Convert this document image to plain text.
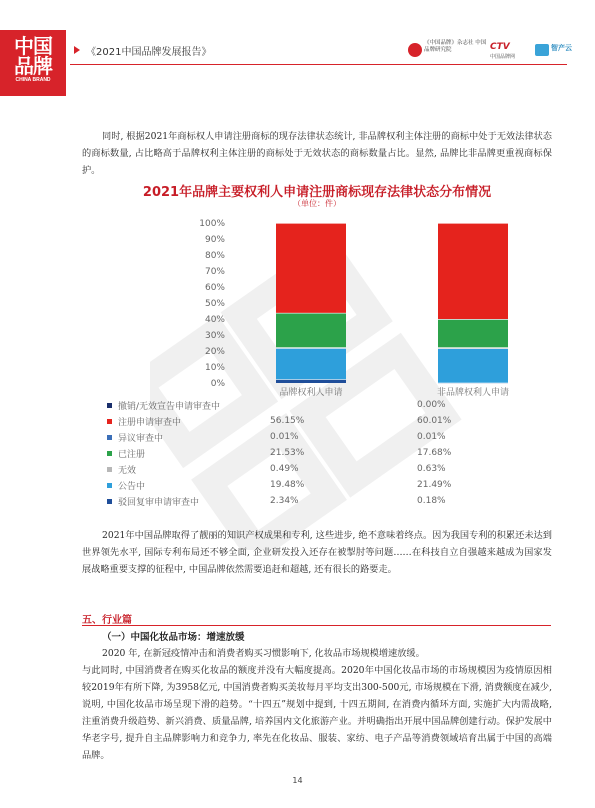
中国
品牌
CHINA BRAND
《2021中国品牌发展报告》
《中国品牌》杂志社 中国品牌研究院	CTV
中国品牌网
智产云
同时, 根据2021年商标权人申请注册商标的现存法律状态统计, 非品牌权利主体注册的商标中处于无效法律状态的商标数量, 占比略高于品牌权利主体注册的商标处于无效状态的商标数量占比。显然, 品牌比非品牌更重视商标保护。
2021年品牌主要权利人申请注册商标现存法律状态分布情况
（单位：件）
0%
10%
20%
30%
40%
50%
60%
70%
80%
90%
100%
品牌权利人申请	非品牌权利人申请
撤销/无效宣告申请审查中		0.00%
注册申请审查中	56.15%	60.01%
异议审查中	0.01%	0.01%
已注册	21.53%	17.68%
无效	0.49%	0.63%
公告中	19.48%	21.49%
驳回复审申请审查中	2.34%	0.18%
2021年中国品牌取得了靓丽的知识产权成果和专利, 这些进步, 绝不意味着终点。因为我国专利的积累还未达到世界领先水平, 国际专利布局还不够全面, 企业研发投入还存在被掣肘等问题……在科技自立自强越来越成为国家发展战略重要支撑的征程中, 中国品牌依然需要追赶和超越, 还有很长的路要走。
五、行业篇
（一）中国化妆品市场：增速放缓
2020 年, 在新冠疫情冲击和消费者购买习惯影响下, 化妆品市场规模增速放缓。
与此同时, 中国消费者在购买化妆品的额度并没有大幅度提高。2020年中国化妆品市场的市场规模因为疫情原因相较2019年有所下降, 为3958亿元, 中国消费者购买美妆每月平均支出300-500元, 市场规模在下滑, 消费额度在减少, 说明, 中国化妆品市场呈现下滑的趋势。“十四五”规划中提到, 十四五期间, 在消费内循环方面, 实施扩大内需战略, 注重消费升级趋势、新兴消费、质量品牌, 培养国内文化旅游产业。并明确指出开展中国品牌创建行动。保护发展中华老字号, 提升自主品牌影响力和竞争力, 率先在化妆品、服装、家纺、电子产品等消费领域培育出属于中国的高端品牌。
14
